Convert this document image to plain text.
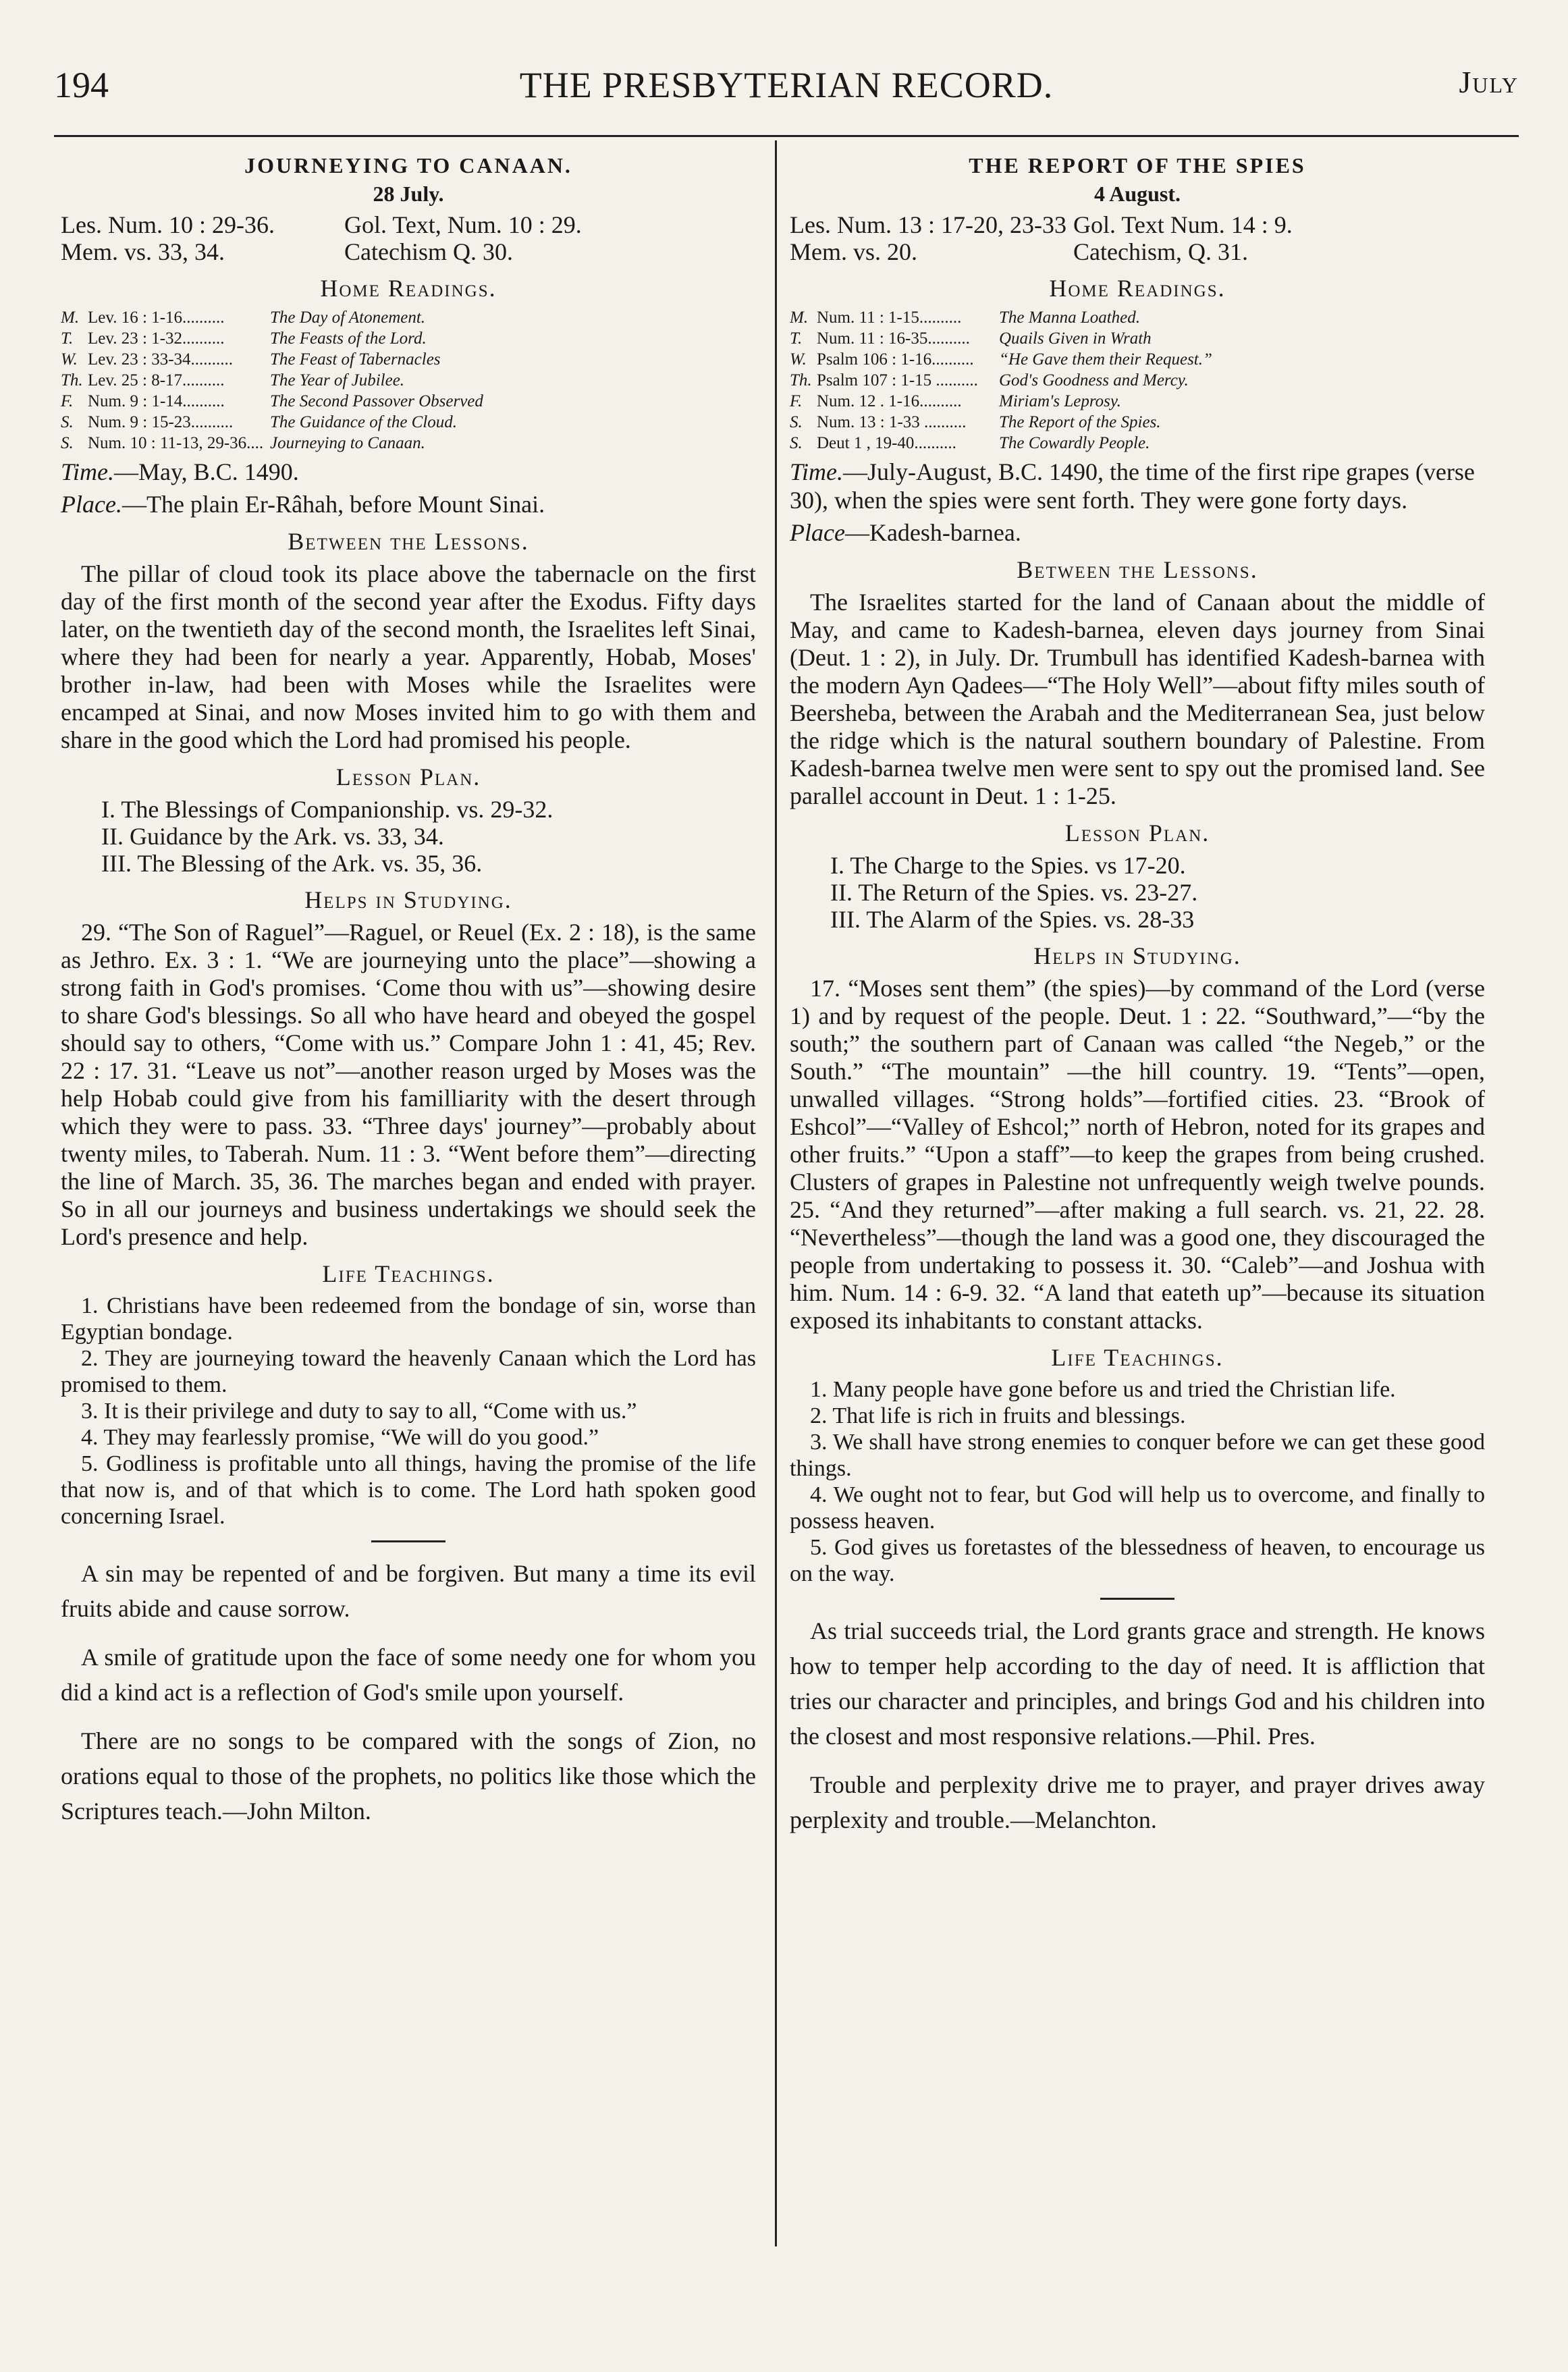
194	THE PRESBYTERIAN RECORD.	July
JOURNEYING TO CANAAN.
28 July.
Les. Num. 10 : 29-36.	Gol. Text, Num. 10 : 29.
Mem. vs. 33, 34.	Catechism Q. 30.
Home Readings.
M. Lev. 16 : 1-16..........	The Day of Atonement.
T. Lev. 23 : 1-32..........	The Feasts of the Lord.
W. Lev. 23 : 33-34..........	The Feast of Tabernacles
Th. Lev. 25 : 8-17..........	The Year of Jubilee.
F. Num. 9 : 1-14..........	The Second Passover Observed
S. Num. 9 : 15-23..........	The Guidance of the Cloud.
S. Num. 10 : 11-13, 29-36.... Journeying to Canaan.
Time.—May, B.C. 1490.
Place.—The plain Er-Râhah, before Mount Sinai.
Between the Lessons.

The pillar of cloud took its place above the tabernacle on the first day of the first month of the second year after the Exodus. Fifty days later, on the twentieth day of the second month, the Israelites left Sinai, where they had been for nearly a year. Apparently, Hobab, Moses' brother in-law, had been with Moses while the Israelites were encamped at Sinai, and now Moses invited him to go with them and share in the good which the Lord had promised his people.

Lesson Plan.
I. The Blessings of Companionship. vs. 29-32.
II. Guidance by the Ark. vs. 33, 34.
III. The Blessing of the Ark. vs. 35, 36.
Helps in Studying.

29. “The Son of Raguel”—Raguel, or Reuel (Ex. 2 : 18), is the same as Jethro. Ex. 3 : 1. “We are journeying unto the place”—showing a strong faith in God's promises. ‘Come thou with us”—showing desire to share God's blessings. So all who have heard and obeyed the gospel should say to others, “Come with us.” Compare John 1 : 41, 45; Rev. 22 : 17. 31. “Leave us not”—another reason urged by Moses was the help Hobab could give from his familliarity with the desert through which they were to pass. 33. “Three days' journey”—probably about twenty miles, to Taberah. Num. 11 : 3. “Went before them”—directing the line of March. 35, 36. The marches began and ended with prayer. So in all our journeys and business undertakings we should seek the Lord's presence and help.

Life Teachings.

1. Christians have been redeemed from the bondage of sin, worse than Egyptian bondage.

2. They are journeying toward the heavenly Canaan which the Lord has promised to them.

3. It is their privilege and duty to say to all, “Come with us.”

4. They may fearlessly promise, “We will do you good.”

5. Godliness is profitable unto all things, having the promise of the life that now is, and of that which is to come. The Lord hath spoken good concerning Israel.

A sin may be repented of and be forgiven. But many a time its evil fruits abide and cause sorrow.

A smile of gratitude upon the face of some needy one for whom you did a kind act is a reflection of God's smile upon yourself.

There are no songs to be compared with the songs of Zion, no orations equal to those of the prophets, no politics like those which the Scriptures teach.—John Milton.

THE REPORT OF THE SPIES
4 August.
Les. Num. 13 : 17-20, 23-33 Gol. Text Num. 14 : 9.
Mem. vs. 20.	Catechism, Q. 31.
Home Readings.
M. Num. 11 : 1-15..........	The Manna Loathed.
T. Num. 11 : 16-35..........	Quails Given in Wrath
W. Psalm 106 : 1-16..........	“He Gave them their Request.”
Th. Psalm 107 : 1-15 ..........	God's Goodness and Mercy.
F. Num. 12 . 1-16..........	Miriam's Leprosy.
S. Num. 13 : 1-33 ..........	The Report of the Spies.
S. Deut 1 , 19-40..........	The Cowardly People.
Time.—July-August, B.C. 1490, the time of the first ripe grapes (verse 30), when the spies were sent forth. They were gone forty days.
Place—Kadesh-barnea.
Between the Lessons.

The Israelites started for the land of Canaan about the middle of May, and came to Kadesh-barnea, eleven days journey from Sinai (Deut. 1 : 2), in July. Dr. Trumbull has identified Kadesh-barnea with the modern Ayn Qadees—“The Holy Well”—about fifty miles south of Beersheba, between the Arabah and the Mediterranean Sea, just below the ridge which is the natural southern boundary of Palestine. From Kadesh-barnea twelve men were sent to spy out the promised land. See parallel account in Deut. 1 : 1-25.

Lesson Plan.
I. The Charge to the Spies. vs 17-20.
II. The Return of the Spies. vs. 23-27.
III. The Alarm of the Spies. vs. 28-33
Helps in Studying.

17. “Moses sent them” (the spies)—by command of the Lord (verse 1) and by request of the people. Deut. 1 : 22. “Southward,”—“by the south;” the southern part of Canaan was called “the Negeb,” or the South.” “The mountain” —the hill country. 19. “Tents”—open, unwalled villages. “Strong holds”—fortified cities. 23. “Brook of Eshcol”—“Valley of Eshcol;” north of Hebron, noted for its grapes and other fruits.” “Upon a staff”—to keep the grapes from being crushed. Clusters of grapes in Palestine not unfrequently weigh twelve pounds. 25. “And they returned”—after making a full search. vs. 21, 22. 28. “Nevertheless”—though the land was a good one, they discouraged the people from undertaking to possess it. 30. “Caleb”—and Joshua with him. Num. 14 : 6-9. 32. “A land that eateth up”—because its situation exposed its inhabitants to constant attacks.

Life Teachings.

1. Many people have gone before us and tried the Christian life.

2. That life is rich in fruits and blessings.

3. We shall have strong enemies to conquer before we can get these good things.

4. We ought not to fear, but God will help us to overcome, and finally to possess heaven.

5. God gives us foretastes of the blessedness of heaven, to encourage us on the way.

As trial succeeds trial, the Lord grants grace and strength. He knows how to temper help according to the day of need. It is affliction that tries our character and principles, and brings God and his children into the closest and most responsive relations.—Phil. Pres.

Trouble and perplexity drive me to prayer, and prayer drives away perplexity and trouble.—Melanchton.
